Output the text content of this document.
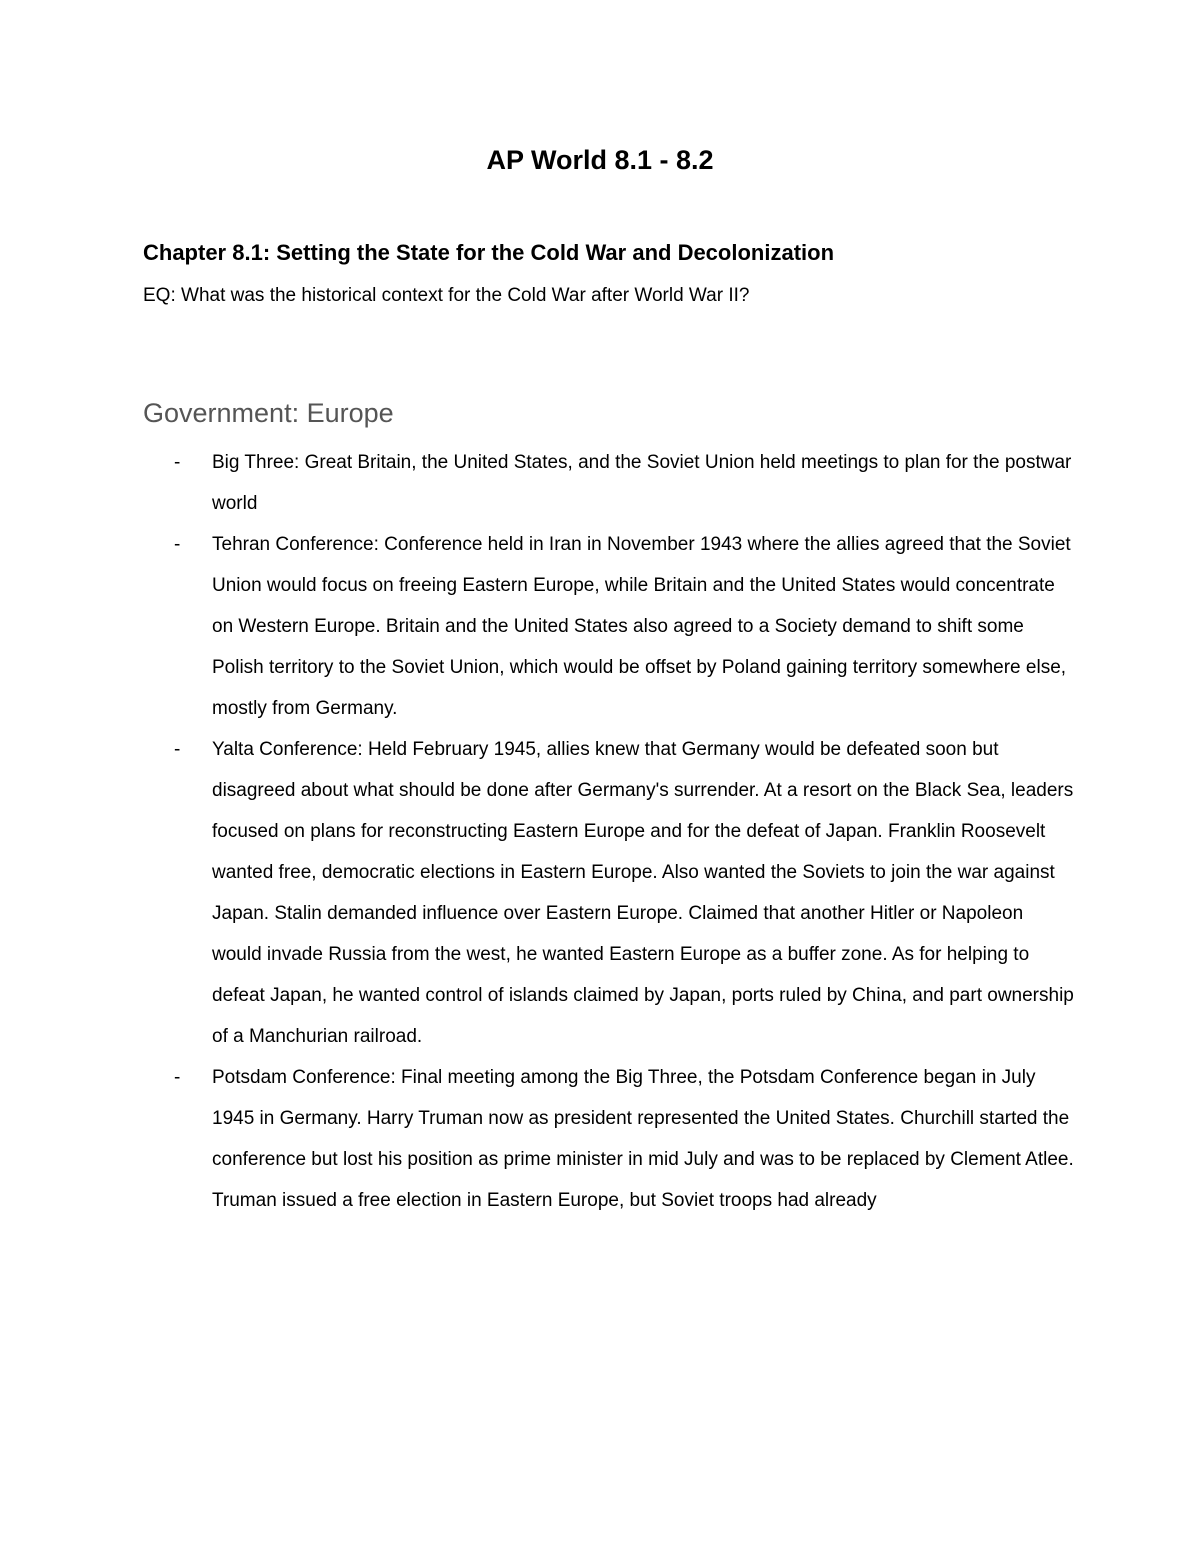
AP World 8.1 - 8.2
Chapter 8.1: Setting the State for the Cold War and Decolonization

EQ: What was the historical context for the Cold War after World War II?

Government: Europe
-	Big Three: Great Britain, the United States, and the Soviet Union held meetings to plan for the postwar world
-	Tehran Conference: Conference held in Iran in November 1943 where the allies agreed that the Soviet Union would focus on freeing Eastern Europe, while Britain and the United States would concentrate on Western Europe. Britain and the United States also agreed to a Society demand to shift some Polish territory to the Soviet Union, which would be offset by Poland gaining territory somewhere else, mostly from Germany.
-	Yalta Conference: Held February 1945, allies knew that Germany would be defeated soon but disagreed about what should be done after Germany's surrender. At a resort on the Black Sea, leaders focused on plans for reconstructing Eastern Europe and for the defeat of Japan. Franklin Roosevelt wanted free, democratic elections in Eastern Europe. Also wanted the Soviets to join the war against Japan. Stalin demanded influence over Eastern Europe. Claimed that another Hitler or Napoleon would invade Russia from the west, he wanted Eastern Europe as a buffer zone. As for helping to defeat Japan, he wanted control of islands claimed by Japan, ports ruled by China, and part ownership of a Manchurian railroad.
-	Potsdam Conference: Final meeting among the Big Three, the Potsdam Conference began in July 1945 in Germany. Harry Truman now as president represented the United States. Churchill started the conference but lost his position as prime minister in mid July and was to be replaced by Clement Atlee. Truman issued a free election in Eastern Europe, but Soviet troops had already
